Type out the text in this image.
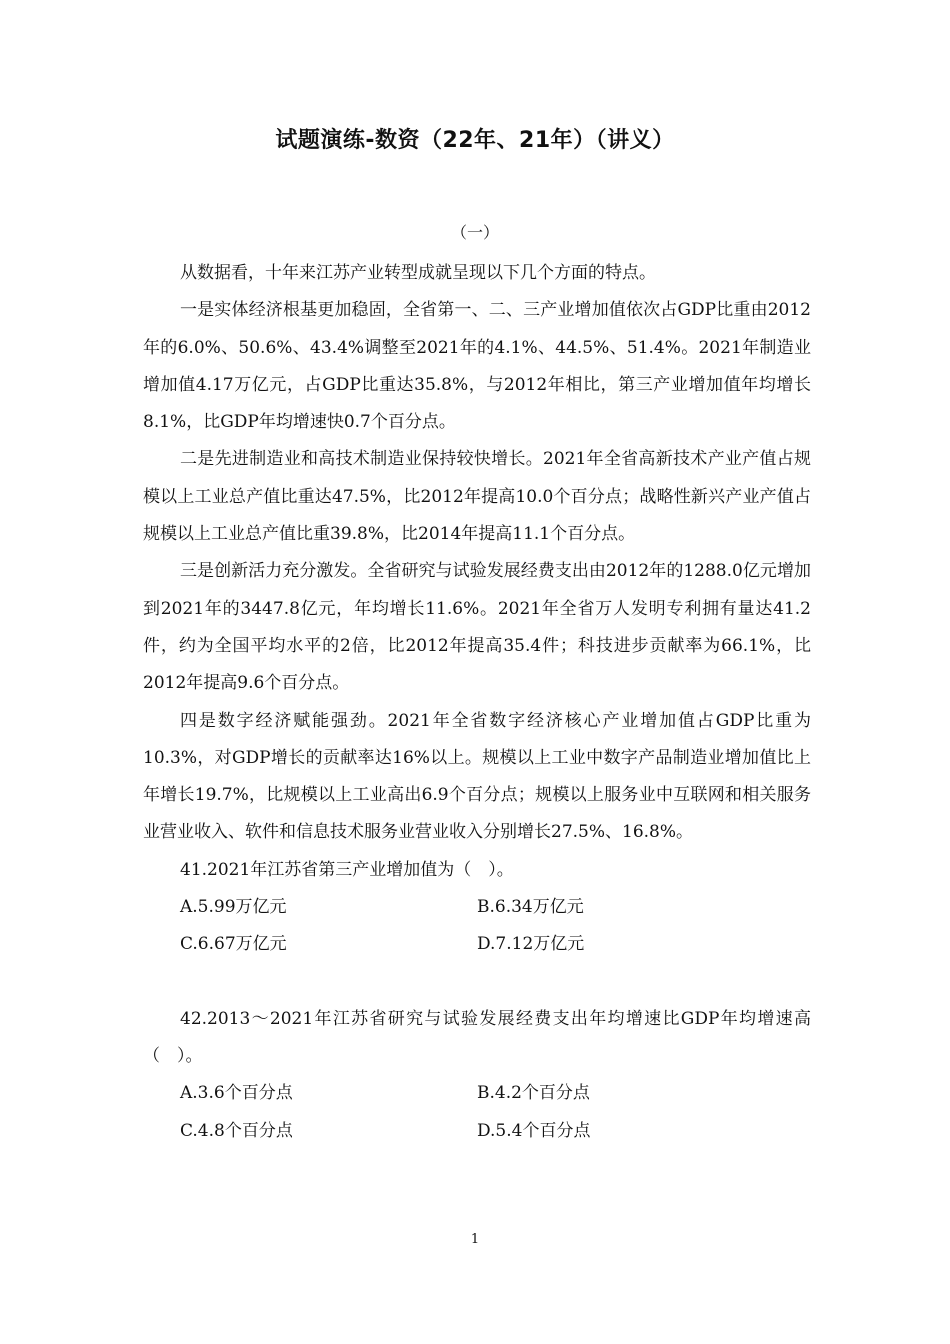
试题演练-数资（22年、21年）（讲义）
（一）

从数据看，十年来江苏产业转型成就呈现以下几个方面的特点。

一是实体经济根基更加稳固，全省第一、二、三产业增加值依次占GDP比重由2012年的6.0%、50.6%、43.4%调整至2021年的4.1%、44.5%、51.4%。2021年制造业增加值4.17万亿元，占GDP比重达35.8%，与2012年相比，第三产业增加值年均增长8.1%，比GDP年均增速快0.7个百分点。

二是先进制造业和高技术制造业保持较快增长。2021年全省高新技术产业产值占规模以上工业总产值比重达47.5%，比2012年提高10.0个百分点；战略性新兴产业产值占规模以上工业总产值比重39.8%，比2014年提高11.1个百分点。

三是创新活力充分激发。全省研究与试验发展经费支出由2012年的1288.0亿元增加到2021年的3447.8亿元，年均增长11.6%。2021年全省万人发明专利拥有量达41.2件，约为全国平均水平的2倍，比2012年提高35.4件；科技进步贡献率为66.1%，比2012年提高9.6个百分点。

四是数字经济赋能强劲。2021年全省数字经济核心产业增加值占GDP比重为10.3%，对GDP增长的贡献率达16%以上。规模以上工业中数字产品制造业增加值比上年增长19.7%，比规模以上工业高出6.9个百分点；规模以上服务业中互联网和相关服务业营业收入、软件和信息技术服务业营业收入分别增长27.5%、16.8%。

41.2021年江苏省第三产业增加值为（　）。

A.5.99万亿元	B.6.34万亿元
C.6.67万亿元	D.7.12万亿元

42.2013～2021年江苏省研究与试验发展经费支出年均增速比GDP年均增速高（　）。

A.3.6个百分点	B.4.2个百分点
C.4.8个百分点	D.5.4个百分点
1
